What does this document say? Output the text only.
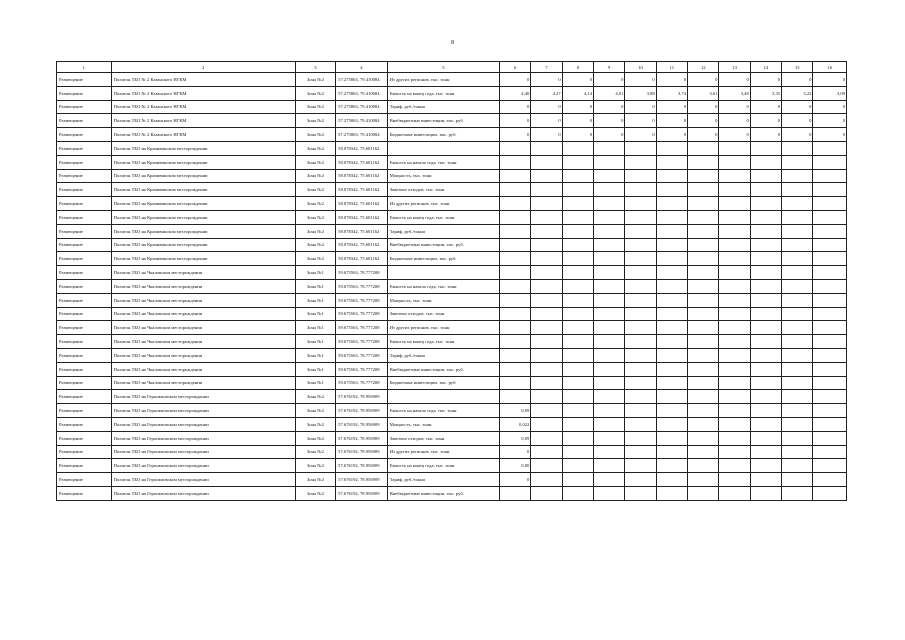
8
1	2	3	4	5	6	7	8	9	10	11	12	13	14	15	16
Размещение	Полигон ТБО № 2 Казанского НГКМ	Зона №2	57.275863, 79.410084	Из других регионов, тыс. тонн	0	0	0	0	0	0	0	0	0	0	0
Размещение	Полигон ТБО № 2 Казанского НГКМ	Зона №2	57.275863, 79.410084	Емкость на конец года, тыс. тонн	4,40	4,27	4,14	4,01	3,88	3,74	3,61	3,48	3,35	3,22	3,09
Размещение	Полигон ТБО № 2 Казанского НГКМ	Зона №2	57.275863, 79.410084	Тариф, руб./тонна	0	0	0	0	0	0	0	0	0	0	0
Размещение	Полигон ТБО № 2 Казанского НГКМ	Зона №2	57.275863, 79.410084	Внебюджетные инвестиции, тыс. руб.	0	0	0	0	0	0	0	0	0	0	0
Размещение	Полигон ТБО № 2 Казанского НГКМ	Зона №2	57.275863, 79.410084	Бюджетные инвестиции, тыс. руб.	0	0	0	0	0	0	0	0	0	0	0
Размещение	Полигон ТБО на Крапивинском месторождении	Зона №2	58.078342, 75.601162												
Размещение	Полигон ТБО на Крапивинском месторождении	Зона №2	58.078342, 75.601162	Емкость на начало года, тыс. тонн											
Размещение	Полигон ТБО на Крапивинском месторождении	Зона №2	58.078342, 75.601162	Мощность, тыс. тонн											
Размещение	Полигон ТБО на Крапивинском месторождении	Зона №2	58.078342, 75.601162	Завезено отходов, тыс. тонн											
Размещение	Полигон ТБО на Крапивинском месторождении	Зона №2	58.078342, 75.601162	Из других регионов, тыс. тонн											
Размещение	Полигон ТБО на Крапивинском месторождении	Зона №2	58.078342, 75.601162	Емкость на конец года, тыс. тонн											
Размещение	Полигон ТБО на Крапивинском месторождении	Зона №2	58.078342, 75.601162	Тариф, руб./тонна											
Размещение	Полигон ТБО на Крапивинском месторождении	Зона №2	58.078342, 75.601162	Внебюджетные инвестиции, тыс. руб.											
Размещение	Полигон ТБО на Крапивинском месторождении	Зона №2	58.078342, 75.601162	Бюджетные инвестиции, тыс. руб.											
Размещение	Полигон ТБО на Чкаловском месторождении	Зона №1	59.675563, 78.777208												
Размещение	Полигон ТБО на Чкаловском месторождении	Зона №1	59.675563, 78.777208	Емкость на начало года, тыс. тонн											
Размещение	Полигон ТБО на Чкаловском месторождении	Зона №1	59.675563, 78.777208	Мощность, тыс. тонн											
Размещение	Полигон ТБО на Чкаловском месторождении	Зона №1	59.675563, 78.777208	Завезено отходов, тыс. тонн											
Размещение	Полигон ТБО на Чкаловском месторождении	Зона №1	59.675563, 78.777208	Из других регионов, тыс. тонн											
Размещение	Полигон ТБО на Чкаловском месторождении	Зона №1	59.675563, 78.777208	Емкость на конец года, тыс. тонн											
Размещение	Полигон ТБО на Чкаловском месторождении	Зона №1	59.675563, 78.777208	Тариф, руб./тонна											
Размещение	Полигон ТБО на Чкаловском месторождении	Зона №1	59.675563, 78.777208	Внебюджетные инвестиции, тыс. руб.											
Размещение	Полигон ТБО на Чкаловском месторождении	Зона №1	59.675563, 78.777208	Бюджетные инвестиции, тыс. руб.											
Размещение	Полигон ТБО на Герасимовском месторождении	Зона №2	57.676192, 78.956909												
Размещение	Полигон ТБО на Герасимовском месторождении	Зона №2	57.676192, 78.956909	Емкость на начало года, тыс. тонн	0,09										
Размещение	Полигон ТБО на Герасимовском месторождении	Зона №2	57.676192, 78.956909	Мощность, тыс. тонн	0,022										
Размещение	Полигон ТБО на Герасимовском месторождении	Зона №2	57.676192, 78.956909	Завезено отходов, тыс. тонн	0,09										
Размещение	Полигон ТБО на Герасимовском месторождении	Зона №2	57.676192, 78.956909	Из других регионов, тыс. тонн	0										
Размещение	Полигон ТБО на Герасимовском месторождении	Зона №2	57.676192, 78.956909	Емкость на конец года, тыс. тонн	0,00										
Размещение	Полигон ТБО на Герасимовском месторождении	Зона №2	57.676192, 78.956909	Тариф, руб./тонна	0										
Размещение	Полигон ТБО на Герасимовском месторождении	Зона №2	57.676192, 78.956909	Внебюджетные инвестиции, тыс. руб.											
